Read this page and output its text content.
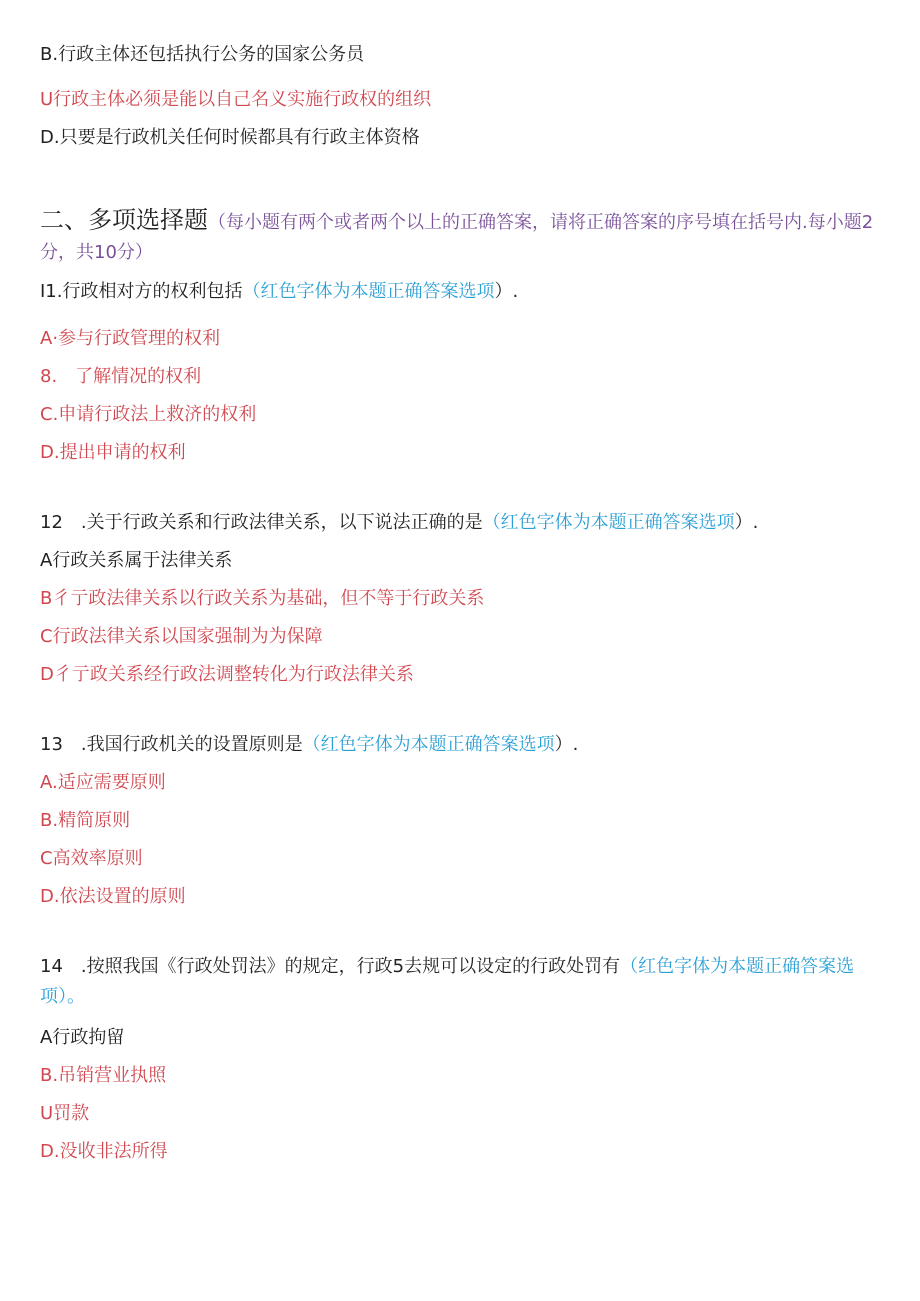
B.行政主体还包括执行公务的国家公务员
U行政主体必须是能以自己名义实施行政权的组织
D.只要是行政机关任何时候都具有行政主体资格
二、多项选择题（每小题有两个或者两个以上的正确答案，请将正确答案的序号填在括号内.每小题2分，共10分）
I1.行政相对方的权利包括（红色字体为本题正确答案选项）.
A·参与行政管理的权利
8.　了解情况的权利
C.申请行政法上救济的权利
D.提出申请的权利
12　.关于行政关系和行政法律关系，以下说法正确的是（红色字体为本题正确答案选项）.
A行政关系属于法律关系
B彳亍政法律关系以行政关系为基础，但不等于行政关系
C行政法律关系以国家强制为为保障
D彳亍政关系经行政法调整转化为行政法律关系
13　.我国行政机关的设置原则是（红色字体为本题正确答案选项）.
A.适应需要原则
B.精简原则
C高效率原则
D.依法设置的原则
14　.按照我国《行政处罚法》的规定，行政5去规可以设定的行政处罚有（红色字体为本题正确答案选项）。
A行政拘留
B.吊销营业执照
U罚款
D.没收非法所得
